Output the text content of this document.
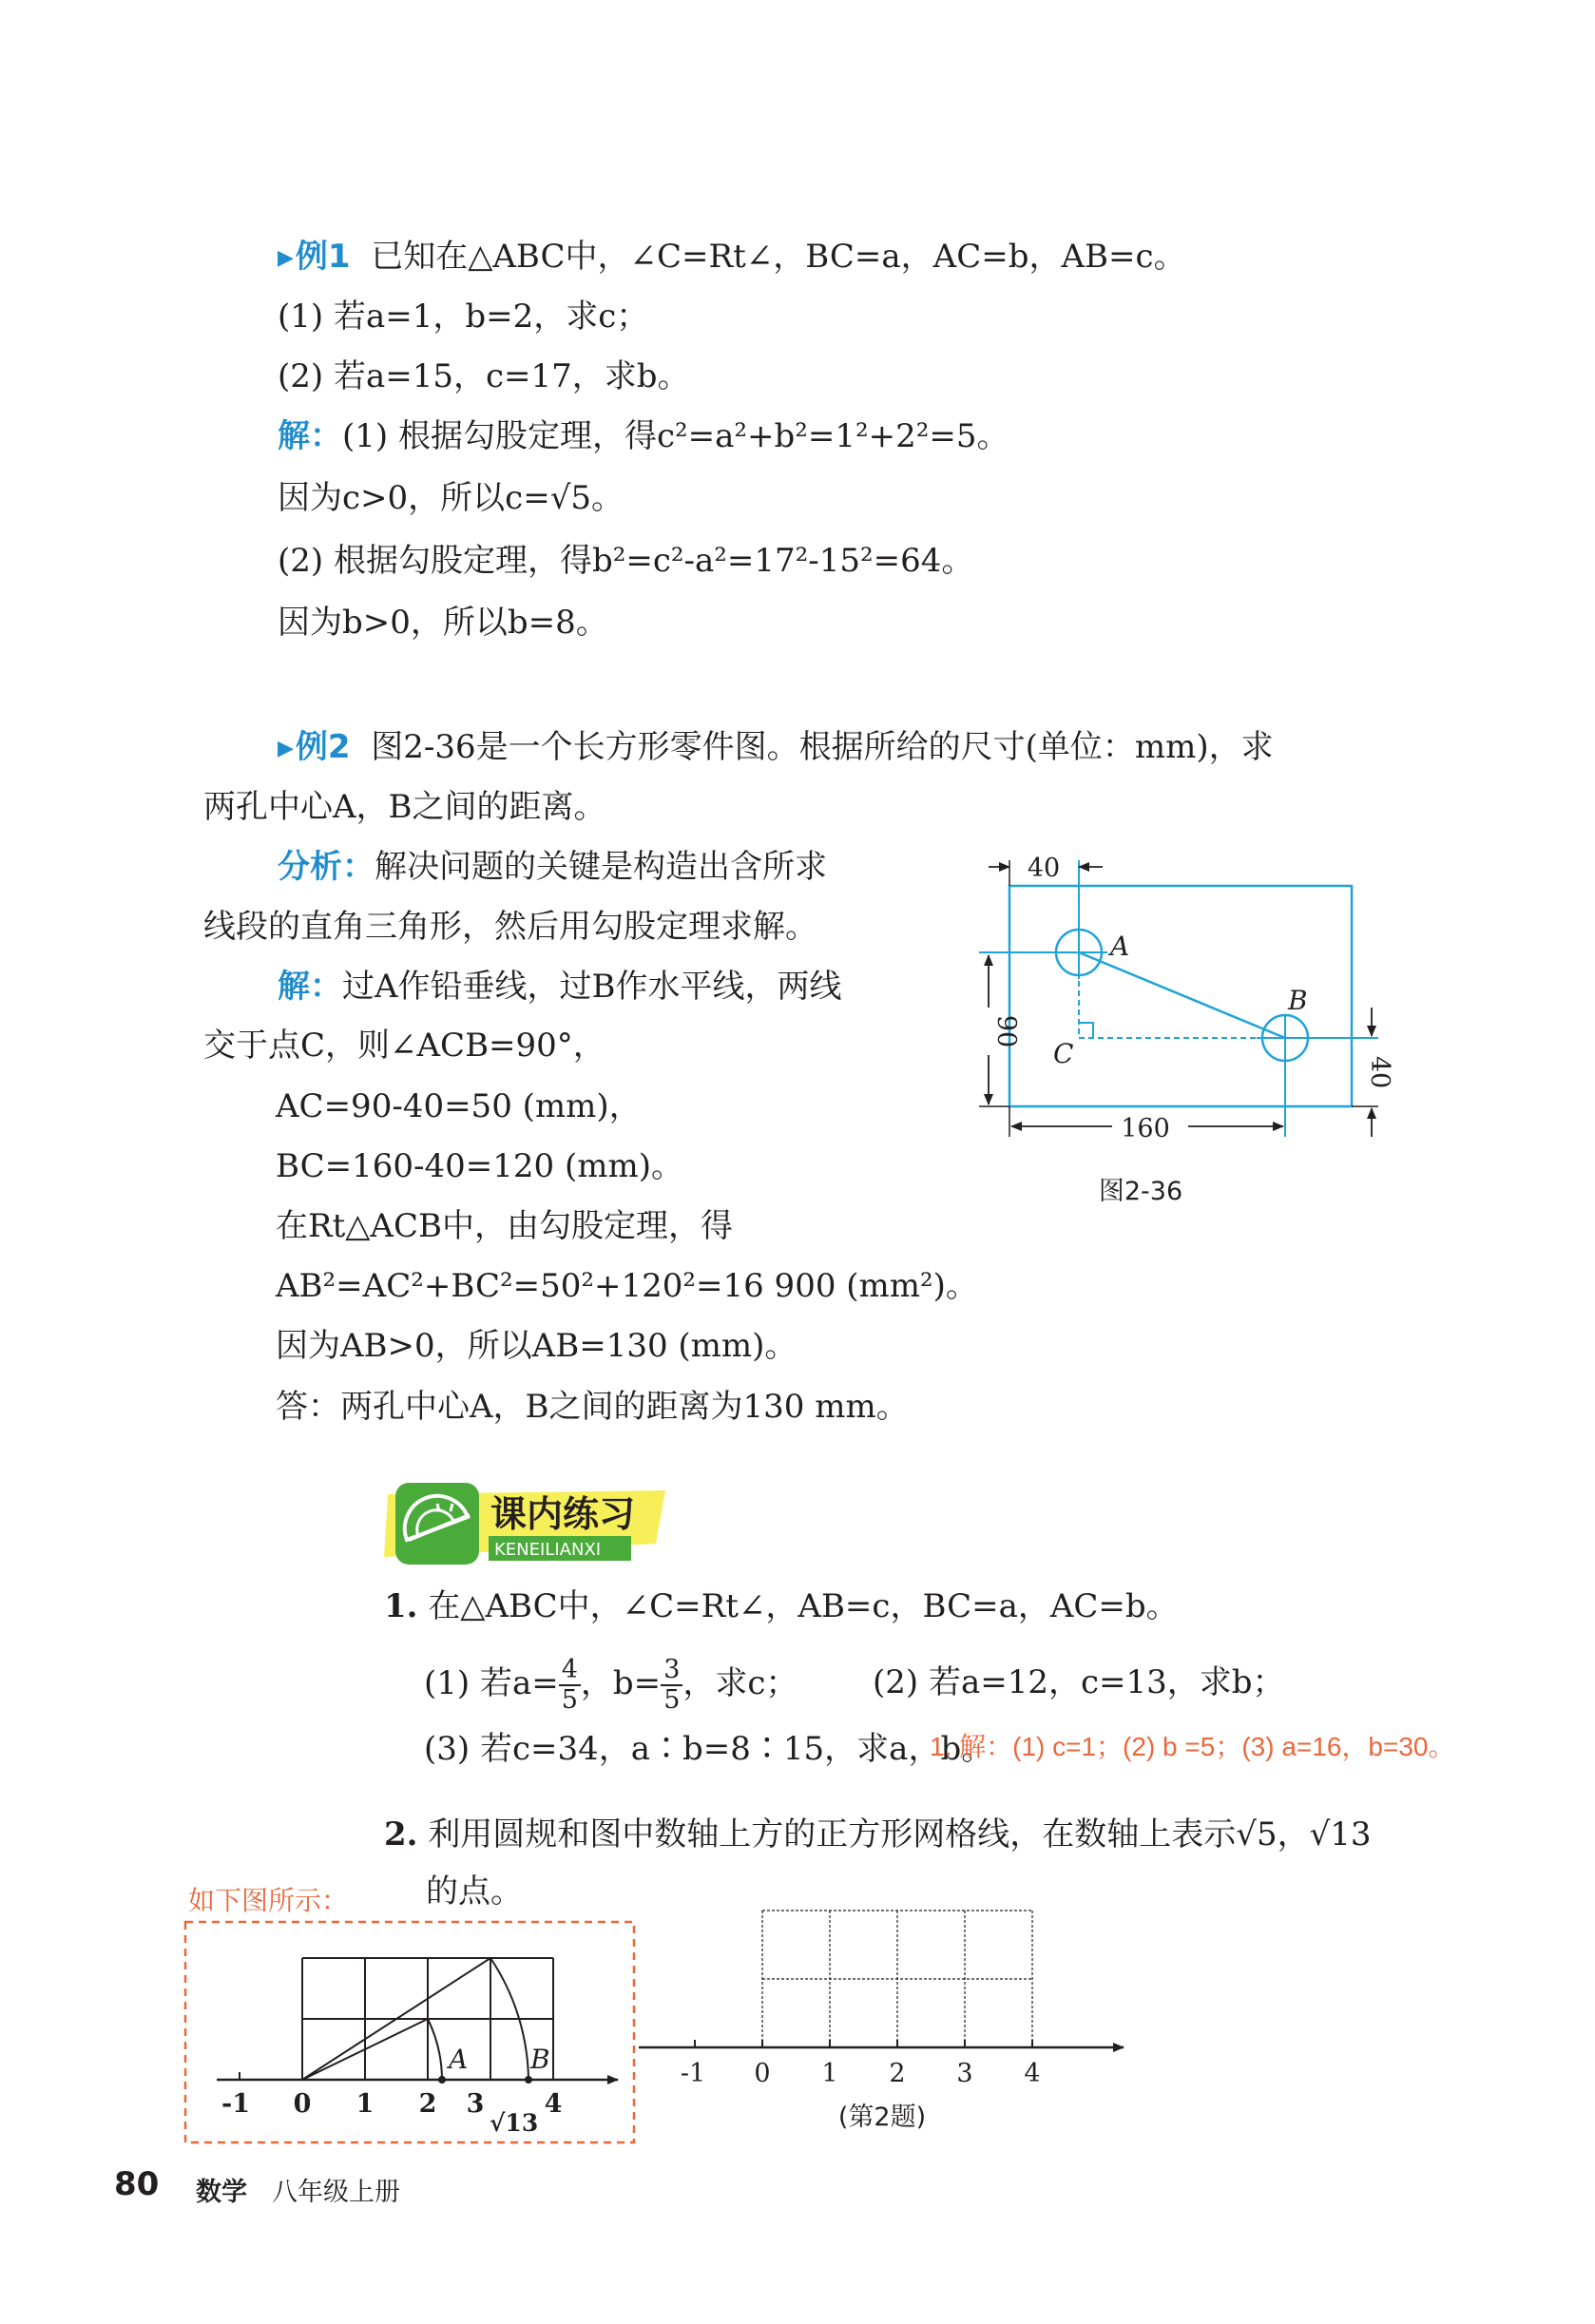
▶例1 已知在△ABC中，∠C=Rt∠，BC=a，AC=b，AB=c。
(1) 若a=1，b=2，求c；
(2) 若a=15，c=17，求b。
解：(1) 根据勾股定理，得c²=a²+b²=1²+2²=5。
因为c>0，所以c=√5。
(2) 根据勾股定理，得b²=c²-a²=17²-15²=64。
因为b>0，所以b=8。
▶例2 图2-36是一个长方形零件图。根据所给的尺寸(单位：mm)，求
两孔中心A，B之间的距离。
分析：解决问题的关键是构造出含所求
线段的直角三角形，然后用勾股定理求解。
解：过A作铅垂线，过B作水平线，两线
交于点C，则∠ACB=90°，
AC=90-40=50 (mm)，
BC=160-40=120 (mm)。
在Rt△ACB中，由勾股定理，得
AB²=AC²+BC²=50²+120²=16 900 (mm²)。
因为AB>0，所以AB=130 (mm)。
答：两孔中心A，B之间的距离为130 mm。
40
90
40
160
A
B
C
图2-36
课内练习
KENEILIANXI
1. 在△ABC中，∠C=Rt∠，AB=c，BC=a，AC=b。
(1) 若$a= \frac{4}{5}$ ，$b= \frac{3}{5}$ ，求c； (2) 若a=12，c=13，求b；
(3) 若c=34，a∶b=8∶15，求a，b。
1. 解：(1) c=1；(2) b =5；(3) a=16，b=30。
2. 利用圆规和图中数轴上方的正方形网格线，在数轴上表示√5，√13
的点。
如下图所示：
A B
-1 0 1 2 3 4
√13
-1 0 1 2 3 4
(第2题)
80 数学 八年级上册
